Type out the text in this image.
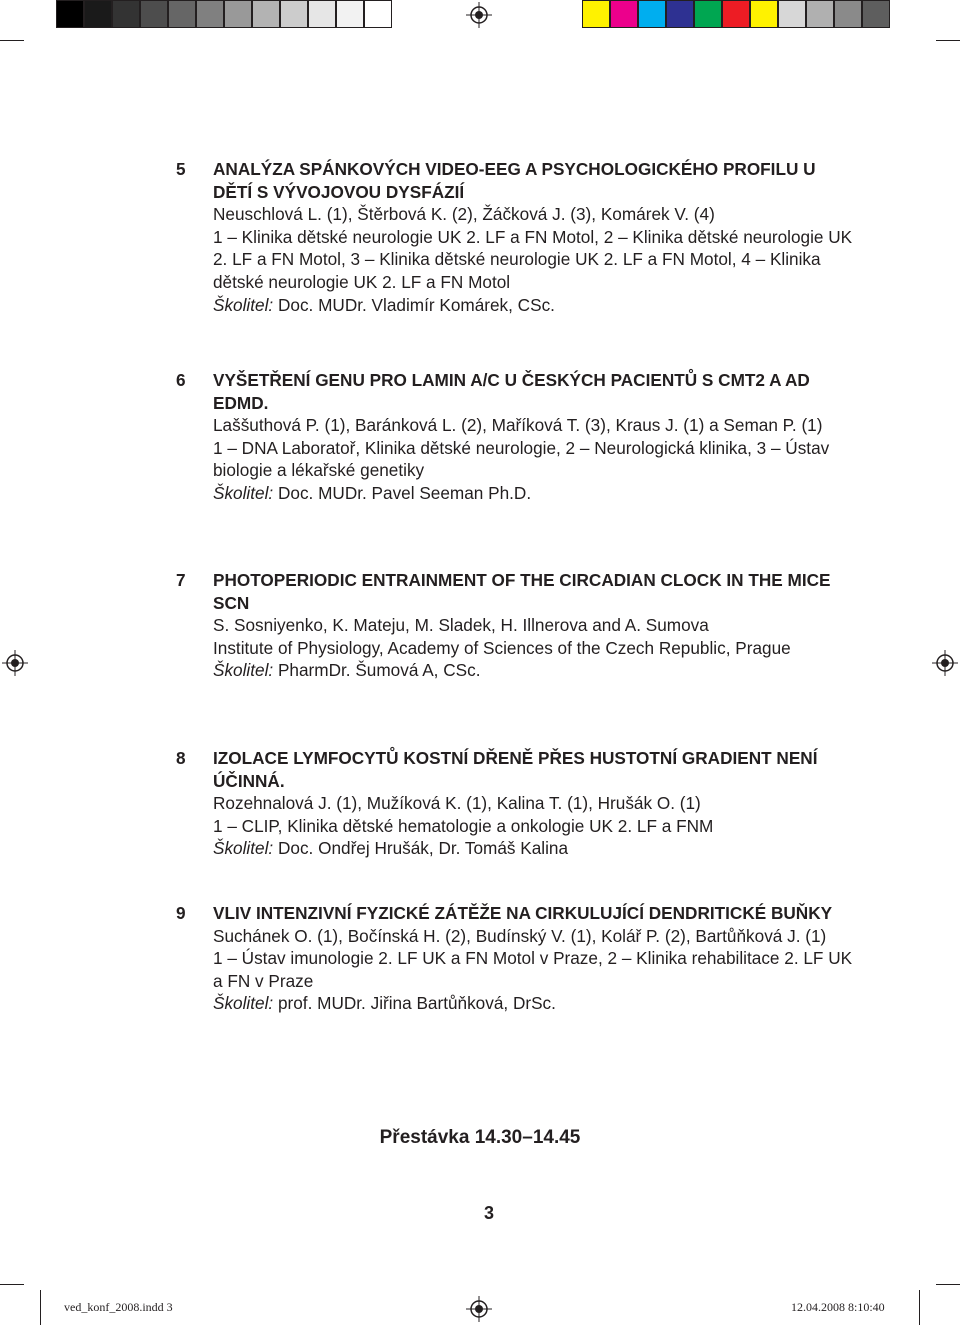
5 ANALÝZA SPÁNKOVÝCH VIDEO-EEG A PSYCHOLOGICKÉHO PROFILU U DĚTÍ S VÝVOJOVOU DYSFÁZIÍ
Neuschlová L. (1), Štěrbová K. (2), Žáčková J. (3), Komárek V. (4)
1 – Klinika dětské neurologie UK 2. LF a FN Motol, 2 – Klinika dětské neurologie UK 2. LF a FN Motol, 3 – Klinika dětské neurologie UK 2. LF a FN Motol, 4 – Klinika dětské neurologie UK 2. LF a FN Motol
Školitel: Doc. MUDr. Vladimír Komárek, CSc.
6 VYŠETŘENÍ GENU PRO LAMIN A/C U ČESKÝCH PACIENTŮ S CMT2 A AD EDMD.
Laššuthová P. (1), Baránková L. (2), Maříková T. (3), Kraus J. (1) a Seman P. (1)
1 – DNA Laboratoř, Klinika dětské neurologie, 2 – Neurologická klinika, 3 – Ústav biologie a lékařské genetiky
Školitel: Doc. MUDr. Pavel Seeman Ph.D.
7 PHOTOPERIODIC ENTRAINMENT OF THE CIRCADIAN CLOCK IN THE MICE SCN
S. Sosniyenko, K. Mateju, M. Sladek, H. Illnerova and A. Sumova
Institute of Physiology, Academy of Sciences of the Czech Republic, Prague
Školitel: PharmDr. Šumová A, CSc.
8 IZOLACE LYMFOCYTŮ KOSTNÍ DŘENĚ PŘES HUSTOTNÍ GRADIENT NENÍ ÚČINNÁ.
Rozehnalová J. (1), Mužíková K. (1), Kalina T. (1), Hrušák O. (1)
1 – CLIP, Klinika dětské hematologie a onkologie UK 2. LF a FNM
Školitel: Doc. Ondřej Hrušák, Dr. Tomáš Kalina
9 VLIV INTENZIVNÍ FYZICKÉ ZÁTĚŽE NA CIRKULUJÍCÍ DENDRITICKÉ BUŇKY
Suchánek O. (1), Bočínská H. (2), Budínský V. (1), Kolář P. (2), Bartůňková J. (1)
1 – Ústav imunologie 2. LF UK a FN Motol v Praze, 2 – Klinika rehabilitace 2. LF UK a FN v Praze
Školitel: prof. MUDr. Jiřina Bartůňková, DrSc.
Přestávka 14.30–14.45
3
ved_konf_2008.indd 3	12.04.2008 8:10:40
